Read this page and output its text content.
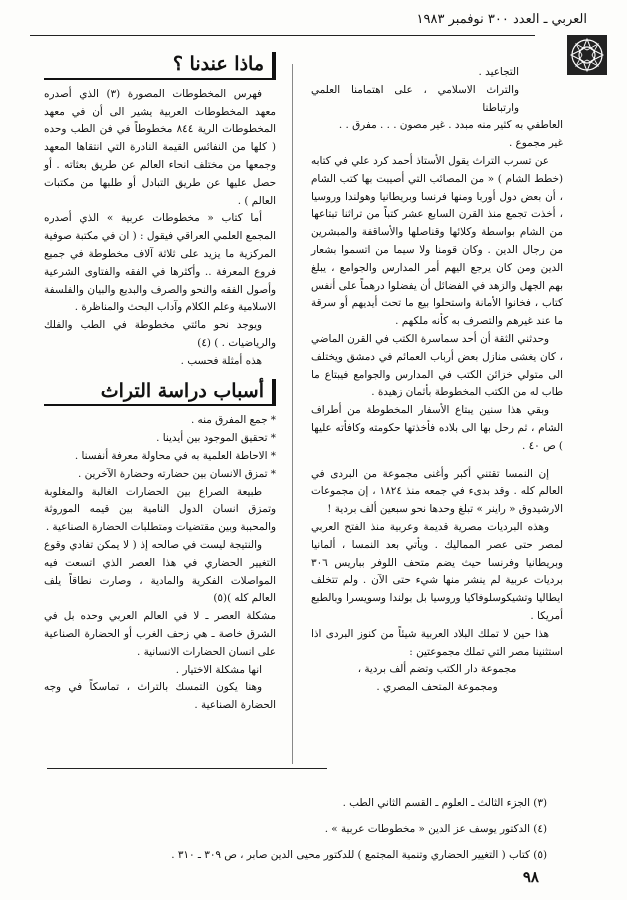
العربي ـ العدد ٣٠٠ نوفمبر ١٩٨٣

التجاعيد .

والتراث الاسلامي ، على اهتمامنا العلمي وارتباطنا

العاطفي به كثير منه مبدد . غير مصون . . . مفرق . .

غير مجموع .

عن تسرب التراث يقول الأستاذ أحمد كرد علي في كتابه (خطط الشام ) « من المصائب التي أصيبت بها كتب الشام ، أن بعض دول أوربا ومنها فرنسا وبريطانيا وهولندا وروسيا ، أخذت تجمع منذ القرن السابع عشر كتباً من تراثنا تبتاعها من الشام بواسطة وكلائها وقناصلها والأساقفة والمبشرين من رجال الدين . وكان قومنا ولا سيما من اتسموا بشعار الدين ومن كان يرجع اليهم أمر المدارس والجوامع ، يبلغ بهم الجهل والزهد في الفضائل أن يفضلوا درهماً على أنفس كتاب ، فخانوا الأمانة واستحلوا بيع ما تحت أيديهم أو سرقة ما عند غيرهم والتصرف به كأنه ملكهم .

وحدثني الثقة أن أحد سماسرة الكتب في القرن الماضي ، كان يغشى منازل بعض أرباب العمائم في دمشق ويختلف الى متولي خزائن الكتب في المدارس والجوامع فيبتاع ما طاب له من الكتب المخطوطة بأثمان زهيدة .

وبقي هذا سنين يبتاع الأسفار المخطوطة من أطراف الشام ، ثم رحل بها الى بلاده فأخذتها حكومته وكافأته عليها ) ص ٤٠ .

إن النمسا تقتني أكبر وأغنى مجموعة من البردى في العالم كله . وقد بدىء في جمعه منذ ١٨٢٤ ، إن مجموعات الارشيدوق « راينر » تبلغ وحدها نحو سبعين ألف بردية !

وهذه البرديات مصرية قديمة وعربية منذ الفتح العربي لمصر حتى عصر المماليك . ويأتي بعد النمسا ، ألمانيا وبريطانيا وفرنسا حيث يضم متحف اللوفر بباريس ٣٠٦ برديات عربية لم ينشر منها شيء حتى الآن . ولم تتخلف ايطاليا وتشيكوسلوفاكيا وروسيا بل بولندا وسويسرا وبالطبع أمريكا .

هذا حين لا تملك البلاد العربية شيئاً من كنوز البردى اذا استثنينا مصر التي تملك مجموعتين :

مجموعة دار الكتب وتضم ألف بردية ،

ومجموعة المتحف المصري .

ماذا عندنا ؟

فهرس المخطوطات المصورة (٣) الذي أصدره معهد المخطوطات العربية يشير الى أن في معهد المخطوطات الرية ٨٤٤ مخطوطاً في فن الطب وحده ( كلها من النفائس القيمة النادرة التي انتقاها المعهد وجمعها من مختلف انحاء العالم عن طريق بعثاته . أو حصل عليها عن طريق التبادل أو طلبها من مكتبات العالم ) .

أما كتاب « مخطوطات عربية » الذي أصدره المجمع العلمي العراقي فيقول : ( ان في مكتبة صوفية المركزية ما يزيد على ثلاثة آلاف مخطوطة في جميع فروع المعرفة .. وأكثرها في الفقه والفتاوى الشرعية وأصول الفقه والنحو والصرف والبديع والبيان والفلسفة الاسلامية وعلم الكلام وآداب البحث والمناظرة .

ويوجد نحو مائتي مخطوطة في الطب والفلك والرياضيات . ) (٤)

هذه أمثلة فحسب .

أسباب دراسة التراث

* جمع المفرق منه .

* تحقيق الموجود بين أيدينا .

* الاحاطة العلمية به في محاولة معرفة أنفسنا .

* تمزق الانسان بين حضارته وحضارة الآخرين .

طبيعة الصراع بين الحضارات الغالبة والمغلوبة وتمزق انسان الدول النامية بين قيمه الموروثة والمحببة وبين مقتضيات ومتطلبات الحضارة الصناعية .

والنتيجة ليست في صالحه إذ ( لا يمكن تفادي وقوع التغيير الحضاري في هذا العصر الذي اتسعت فيه المواصلات الفكرية والمادية ، وصارت نطاقاً يلف العالم كله )(٥)

مشكلة العصر ـ لا في العالم العربي وحده بل في الشرق خاصة ـ هي زحف الغرب أو الحضارة الصناعية على انسان الحضارات الانسانية .

انها مشكلة الاختيار .

وهنا يكون التمسك بالتراث ، تماسكاً في وجه الحضارة الصناعية .

(٣) الجزء الثالث ـ العلوم ـ القسم الثاني الطب .

(٤) الدكتور يوسف عز الدين « مخطوطات عربية » .

(٥) كتاب ( التغيير الحضاري وتنمية المجتمع ) للدكتور محيى الدين صابر ، ص ٣٠٩ ـ ٣١٠ .

٩٨
